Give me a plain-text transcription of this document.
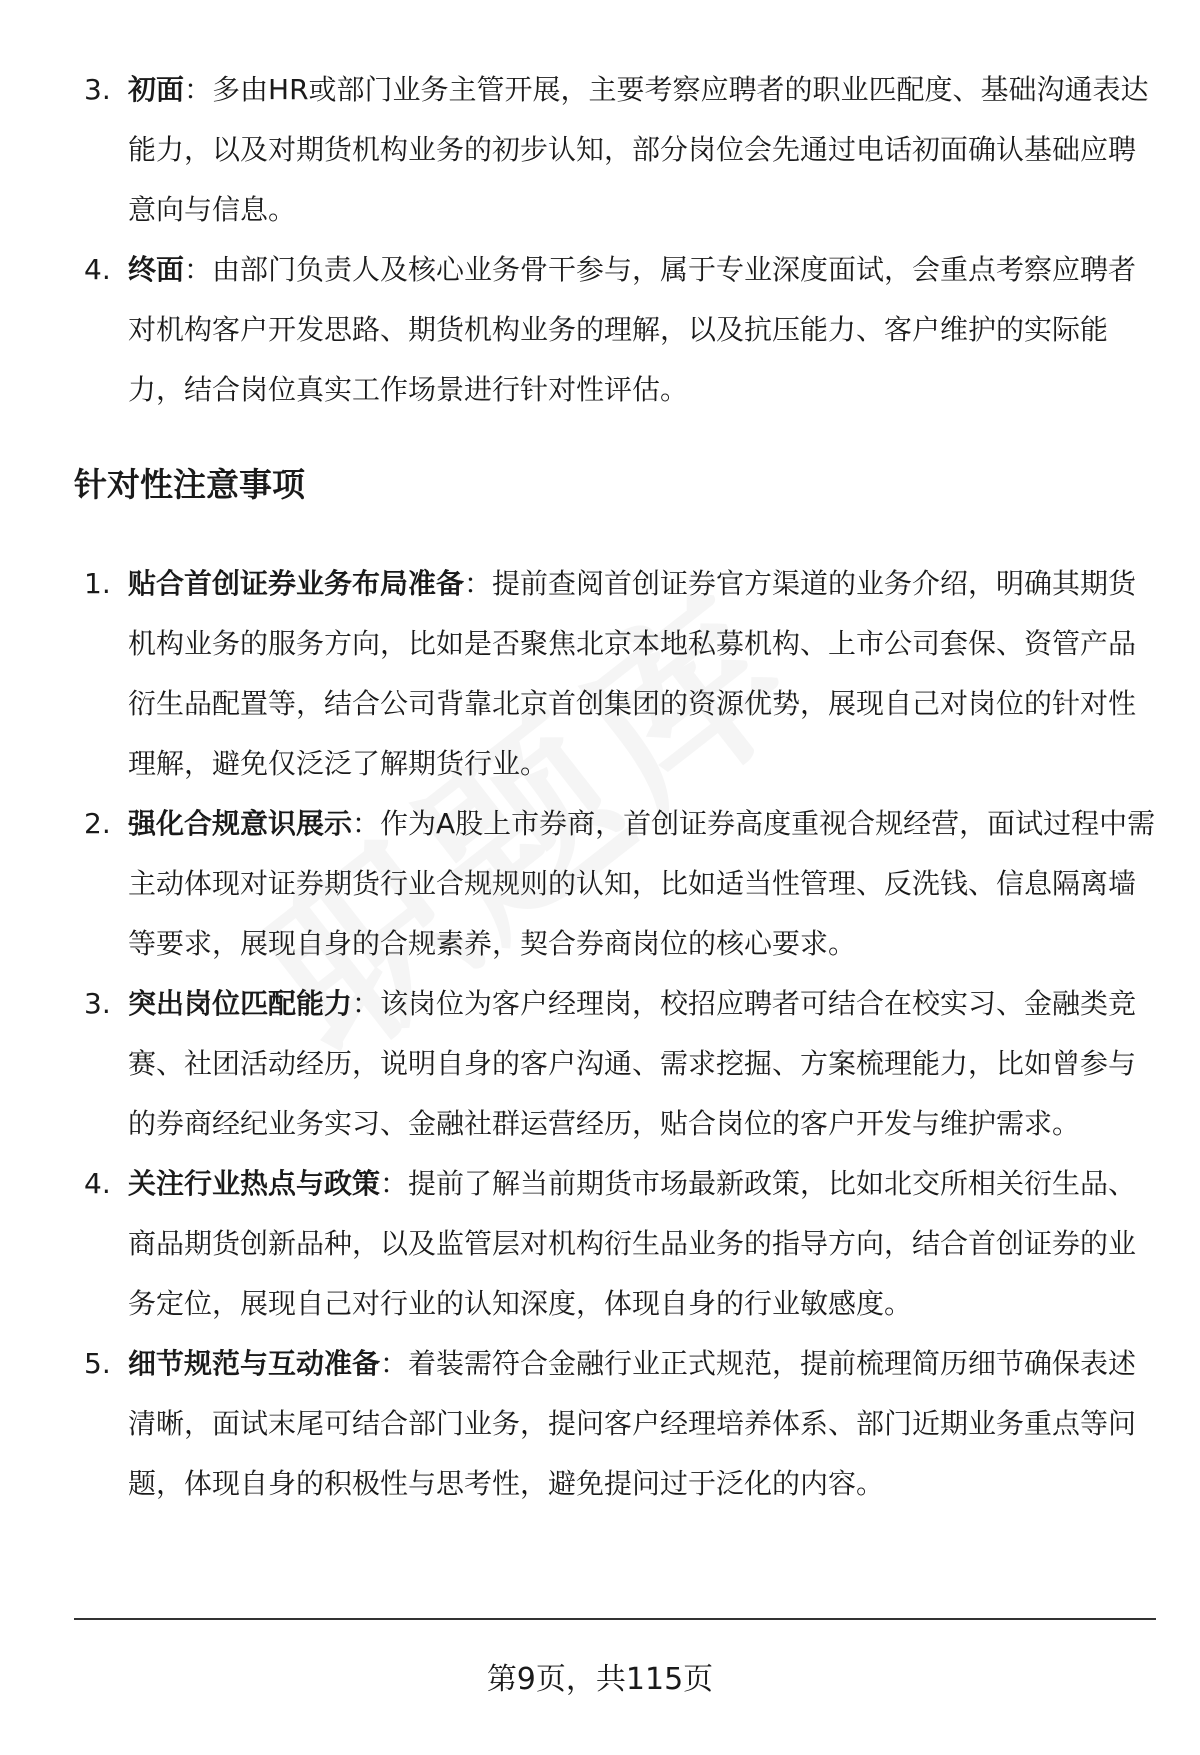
3. 初面：多由HR或部门业务主管开展，主要考察应聘者的职业匹配度、基础沟通表达能力，以及对期货机构业务的初步认知，部分岗位会先通过电话初面确认基础应聘意向与信息。
4. 终面：由部门负责人及核心业务骨干参与，属于专业深度面试，会重点考察应聘者对机构客户开发思路、期货机构业务的理解，以及抗压能力、客户维护的实际能力，结合岗位真实工作场景进行针对性评估。
针对性注意事项
1. 贴合首创证券业务布局准备：提前查阅首创证券官方渠道的业务介绍，明确其期货机构业务的服务方向，比如是否聚焦北京本地私募机构、上市公司套保、资管产品衍生品配置等，结合公司背靠北京首创集团的资源优势，展现自己对岗位的针对性理解，避免仅泛泛了解期货行业。
2. 强化合规意识展示：作为A股上市券商，首创证券高度重视合规经营，面试过程中需主动体现对证券期货行业合规规则的认知，比如适当性管理、反洗钱、信息隔离墙等要求，展现自身的合规素养，契合券商岗位的核心要求。
3. 突出岗位匹配能力：该岗位为客户经理岗，校招应聘者可结合在校实习、金融类竞赛、社团活动经历，说明自身的客户沟通、需求挖掘、方案梳理能力，比如曾参与的券商经纪业务实习、金融社群运营经历，贴合岗位的客户开发与维护需求。
4. 关注行业热点与政策：提前了解当前期货市场最新政策，比如北交所相关衍生品、商品期货创新品种，以及监管层对机构衍生品业务的指导方向，结合首创证券的业务定位，展现自己对行业的认知深度，体现自身的行业敏感度。
5. 细节规范与互动准备：着装需符合金融行业正式规范，提前梳理简历细节确保表述清晰，面试末尾可结合部门业务，提问客户经理培养体系、部门近期业务重点等问题，体现自身的积极性与思考性，避免提问过于泛化的内容。
第9页，共115页
